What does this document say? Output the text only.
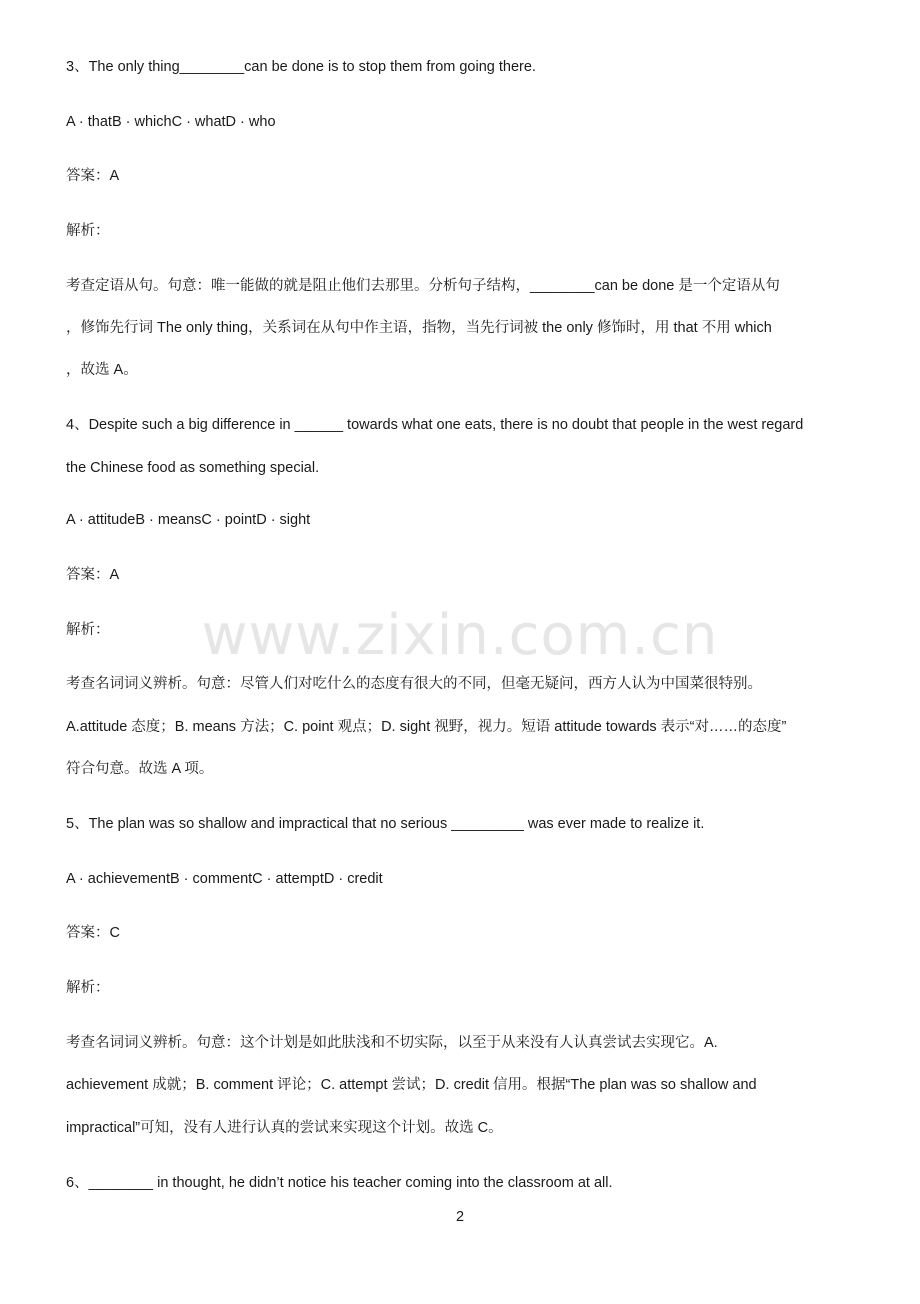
www.zixin.com.cn
3、The only thing________can be done is to stop them from going there.
A · thatB · whichC · whatD · who
答案：A
解析：
考查定语从句。句意：唯一能做的就是阻止他们去那里。分析句子结构，________can be done 是一个定语从句
，修饰先行词 The only thing，关系词在从句中作主语，指物，当先行词被 the only 修饰时，用 that 不用 which
，故选 A。
4、Despite such a big difference in ______ towards what one eats, there is no doubt that people in the west regard
the Chinese food as something special.
A · attitudeB · meansC · pointD · sight
答案：A
解析：
考查名词词义辨析。句意：尽管人们对吃什么的态度有很大的不同，但毫无疑问，西方人认为中国菜很特别。
A.attitude 态度；B. means 方法；C. point 观点；D. sight 视野，视力。短语 attitude towards 表示“对……的态度”
符合句意。故选 A 项。
5、The plan was so shallow and impractical that no serious _________ was ever made to realize it.
A · achievementB · commentC · attemptD · credit
答案：C
解析：
考查名词词义辨析。句意：这个计划是如此肤浅和不切实际，以至于从来没有人认真尝试去实现它。A.
achievement 成就；B. comment 评论；C. attempt 尝试；D. credit 信用。根据“The plan was so shallow and
impractical”可知，没有人进行认真的尝试来实现这个计划。故选 C。
6、________ in thought, he didn’t notice his teacher coming into the classroom at all.
2
